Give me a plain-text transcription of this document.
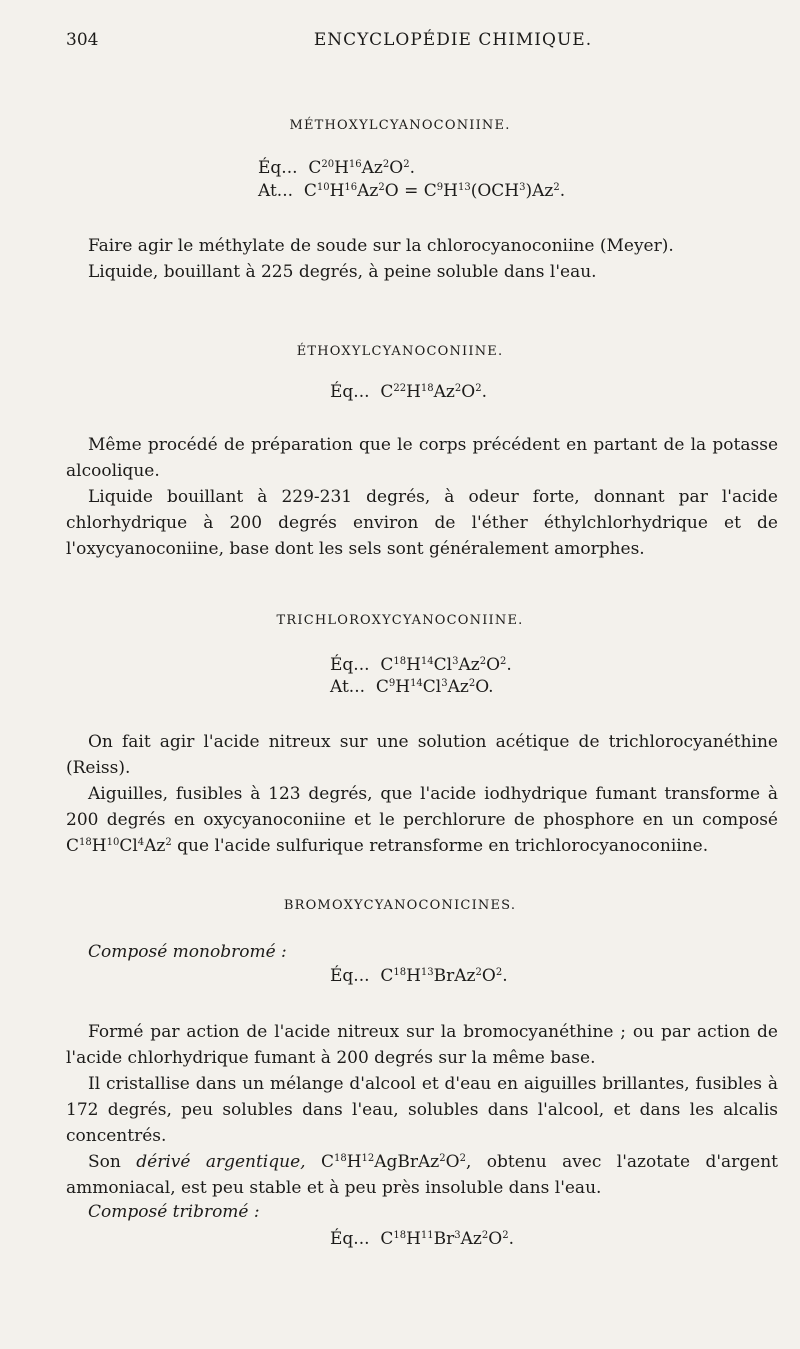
304	ENCYCLOPÉDIE CHIMIQUE.
MÉTHOXYLCYANOCONIINE.
Éq...  $C^{20}H^{16}Az^2O^2$.
At...  $C^{10}H^{16}Az^2O = C^9H^{13}(OCH^3)Az^2$.
Faire agir le méthylate de soude sur la chlorocyanoconiine (Meyer).
Liquide, bouillant à 225 degrés, à peine soluble dans l'eau.
ÉTHOXYLCYANOCONIINE.
Éq...  $C^{22}H^{18}Az^2O^2$.
Même procédé de préparation que le corps précédent en partant de la potasse alcoolique.
Liquide bouillant à 229-231 degrés, à odeur forte, donnant par l'acide chlorhydrique à 200 degrés environ de l'éther éthylchlorhydrique et de l'oxycyanoconiine, base dont les sels sont généralement amorphes.
TRICHLOROXYCYANOCONIINE.
Éq...  $C^{18}H^{14}Cl^3Az^2O^2$.
At...  $C^9H^{14}Cl^3Az^2O$.
On fait agir l'acide nitreux sur une solution acétique de trichlorocyanéthine (Reiss).
Aiguilles, fusibles à 123 degrés, que l'acide iodhydrique fumant transforme à 200 degrés en oxycyanoconiine et le perchlorure de phosphore en un composé $C^{18}H^{10}Cl^4Az^2$ que l'acide sulfurique retransforme en trichlorocyanoconiine.
BROMOXYCYANOCONICINES.
Composé monobromé :
Éq...  $C^{18}H^{13}BrAz^2O^2$.
Formé par action de l'acide nitreux sur la bromocyanéthine ; ou par action de l'acide chlorhydrique fumant à 200 degrés sur la même base.
Il cristallise dans un mélange d'alcool et d'eau en aiguilles brillantes, fusibles à 172 degrés, peu solubles dans l'eau, solubles dans l'alcool, et dans les alcalis concentrés.
Son dérivé argentique, $C^{18}H^{12}AgBrAz^2O^2$, obtenu avec l'azotate d'argent ammoniacal, est peu stable et à peu près insoluble dans l'eau.
Composé tribromé :
Éq...  $C^{18}H^{11}Br^3Az^2O^2$.
